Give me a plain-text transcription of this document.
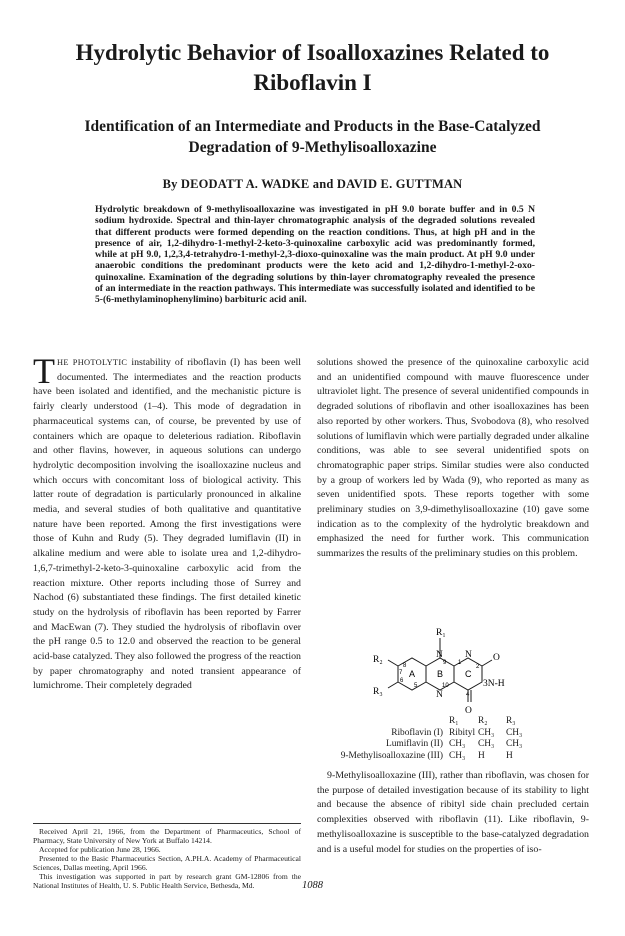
Hydrolytic Behavior of Isoalloxazines Related to Riboflavin I
Identification of an Intermediate and Products in the Base-Catalyzed Degradation of 9-Methylisoalloxazine
By DEODATT A. WADKE and DAVID E. GUTTMAN
Hydrolytic breakdown of 9-methylisoalloxazine was investigated in pH 9.0 borate buffer and in 0.5 N sodium hydroxide. Spectral and thin-layer chromatographic analysis of the degraded solutions revealed that different products were formed depending on the reaction conditions. Thus, at high pH and in the presence of air, 1,2-dihydro-1-methyl-2-keto-3-quinoxaline carboxylic acid was predominantly formed, while at pH 9.0, 1,2,3,4-tetrahydro-1-methyl-2,3-dioxo-quinoxaline was the main product. At pH 9.0 under anaerobic conditions the predominant products were the keto acid and 1,2-dihydro-1-methyl-2-oxo-quinoxaline. Examination of the degrading solutions by thin-layer chromatography revealed the presence of an intermediate in the reaction pathways. This intermediate was successfully isolated and identified to be 5-(6-methylaminophenylimino) barbituric acid anil.
THE PHOTOLYTIC instability of riboflavin (I) has been well documented. The intermediates and the reaction products have been isolated and identified, and the mechanistic picture is fairly clearly understood (1–4). This mode of degradation in pharmaceutical systems can, of course, be prevented by use of containers which are opaque to deleterious radiation. Riboflavin and other flavins, however, in aqueous solutions can undergo hydrolytic decomposition involving the isoalloxazine nucleus and which occurs with concomitant loss of biological activity. This latter route of degradation is particularly pronounced in alkaline media, and several studies of both qualitative and quantitative nature have been reported. Among the first investigations were those of Kuhn and Rudy (5). They degraded lumiflavin (II) in alkaline medium and were able to isolate urea and 1,2-dihydro-1,6,7-trimethyl-2-keto-3-quinoxaline carboxylic acid from the reaction mixture. Other reports including those of Surrey and Nachod (6) substantiated these findings. The first detailed kinetic study on the hydrolysis of riboflavin has been reported by Farrer and MacEwan (7). They studied the hydrolysis of riboflavin over the pH range 0.5 to 12.0 and observed the reaction to be general acid-base catalyzed. They also followed the progress of the reaction by paper chromatography and noted transient appearance of lumichrome. Their completely degraded
solutions showed the presence of the quinoxaline carboxylic acid and an unidentified compound with mauve fluorescence under ultraviolet light. The presence of several unidentified compounds in degraded solutions of riboflavin and other isoalloxazines has been also reported by other workers. Thus, Svobodova (8), who resolved solutions of lumiflavin which were partially degraded under alkaline conditions, was able to see several unidentified spots on chromatographic paper strips. Similar studies were also conducted by a group of workers led by Wada (9), who reported as many as seven unidentified spots. These reports together with some preliminary studies on 3,9-dimethylisoalloxazine (10) gave some indication as to the complexity of the hydrolytic breakdown and emphasized the need for further work. This communication summarizes the results of the preliminary studies on this problem.
R₁
R₂
R₃
N N
N
O
3N-H
O
A B C
9
8
7
6
5	10
1
2
4
R₁ R₂ R₃
Riboflavin (I) Ribityl CH₃ CH₃
Lumiflavin (II) CH₃ CH₃ CH₃
9-Methylisoalloxazine (III) CH₃ H H
9-Methylisoalloxazine (III), rather than riboflavin, was chosen for the purpose of detailed investigation because of its stability to light and because the absence of ribityl side chain precluded certain complexities observed with riboflavin (11). Like riboflavin, 9-methylisoalloxazine is susceptible to the base-catalyzed degradation and is a useful model for studies on the properties of iso-

Received April 21, 1966, from the Department of Pharmaceutics, School of Pharmacy, State University of New York at Buffalo 14214.

Accepted for publication June 28, 1966.

Presented to the Basic Pharmaceutics Section, A.PH.A. Academy of Pharmaceutical Sciences, Dallas meeting, April 1966.

This investigation was supported in part by research grant GM-12806 from the National Institutes of Health, U. S. Public Health Service, Bethesda, Md.	1088
